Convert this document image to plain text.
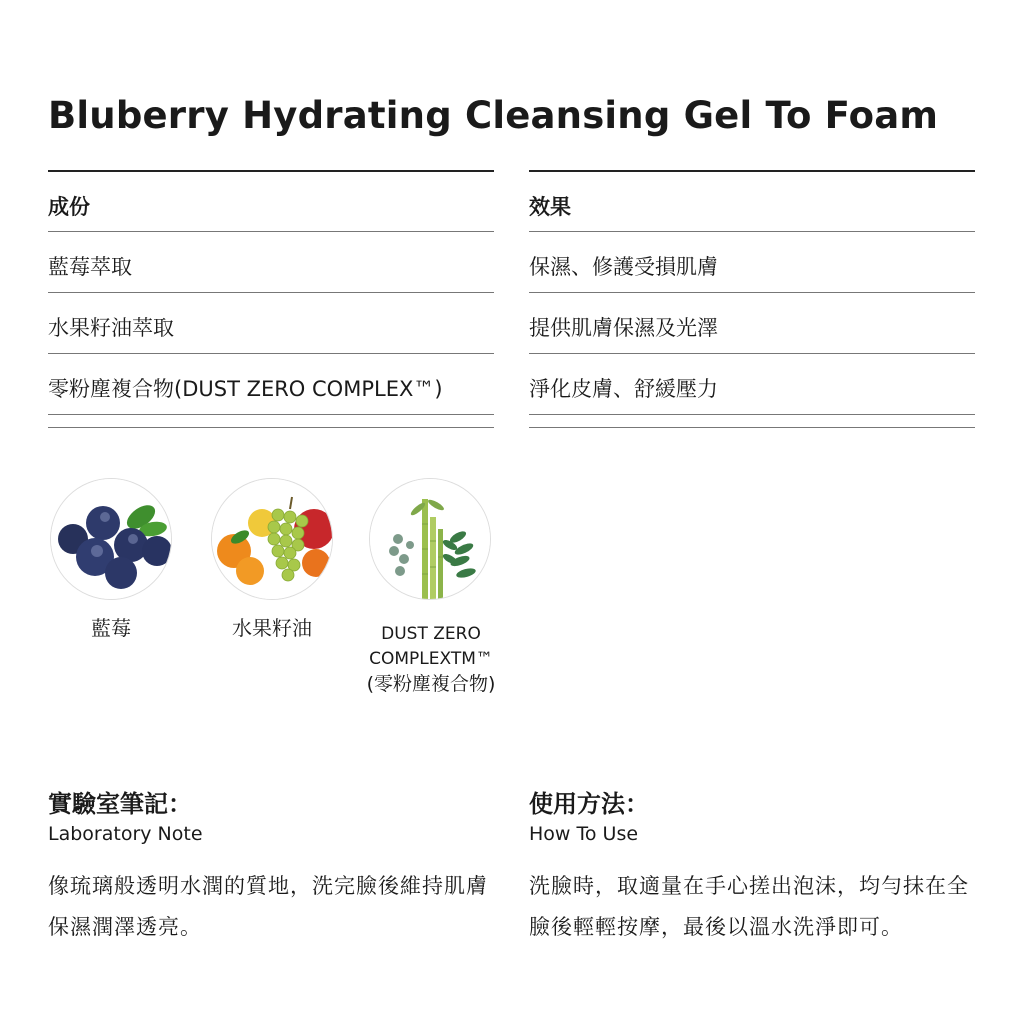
Bluberry Hydrating Cleansing Gel To Foam
成份
藍莓萃取
水果籽油萃取
零粉塵複合物(DUST ZERO COMPLEX™)
效果
保濕、修護受損肌膚
提供肌膚保濕及光澤
淨化皮膚、舒緩壓力
藍莓	水果籽油	DUST ZERO
COMPLEXTM™
(零粉塵複合物)
實驗室筆記：
Laboratory Note
像琉璃般透明水潤的質地，洗完臉後維持肌膚保濕潤澤透亮。
使用方法：
How To Use
洗臉時，取適量在手心搓出泡沫，均勻抹在全臉後輕輕按摩，最後以溫水洗淨即可。
